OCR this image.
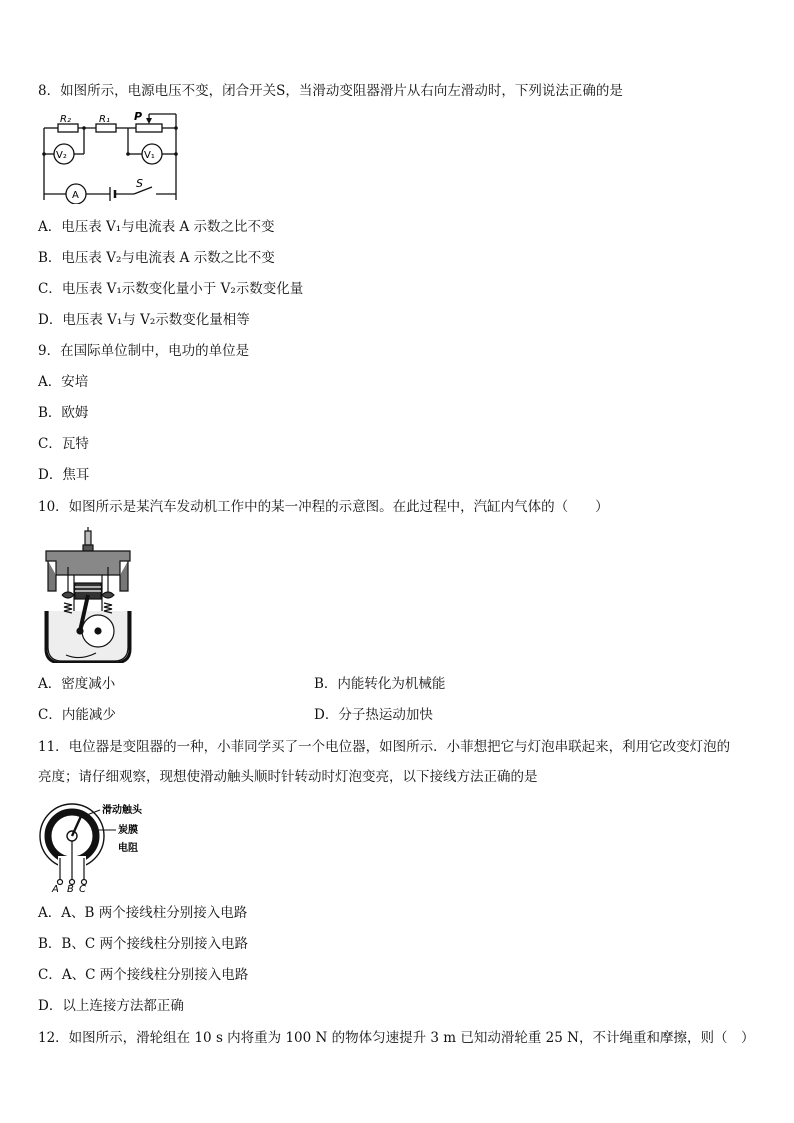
8．如图所示，电源电压不变，闭合开关S，当滑动变阻器滑片从右向左滑动时，下列说法正确的是
R₂	R₁ P
V₂	V₁
A
S
A．电压表 V₁与电流表 A 示数之比不变
B．电压表 V₂与电流表 A 示数之比不变
C．电压表 V₁示数变化量小于 V₂示数变化量
D．电压表 V₁与 V₂示数变化量相等
9．在国际单位制中，电功的单位是
A．安培
B．欧姆
C．瓦特
D．焦耳
10．如图所示是某汽车发动机工作中的某一冲程的示意图。在此过程中，汽缸内气体的（　　）
A．密度减小	B．内能转化为机械能
C．内能减少	D．分子热运动加快
11．电位器是变阻器的一种，小菲同学买了一个电位器，如图所示．小菲想把它与灯泡串联起来，利用它改变灯泡的
亮度；请仔细观察，现想使滑动触头顺时针转动时灯泡变亮，以下接线方法正确的是
滑动触头
炭膜
电阻
A B C
A．A、B 两个接线柱分别接入电路
B．B、C 两个接线柱分别接入电路
C．A、C 两个接线柱分别接入电路
D．以上连接方法都正确
12．如图所示，滑轮组在 10 s 内将重为 100 N 的物体匀速提升 3 m 已知动滑轮重 25 N，不计绳重和摩擦，则（　）
